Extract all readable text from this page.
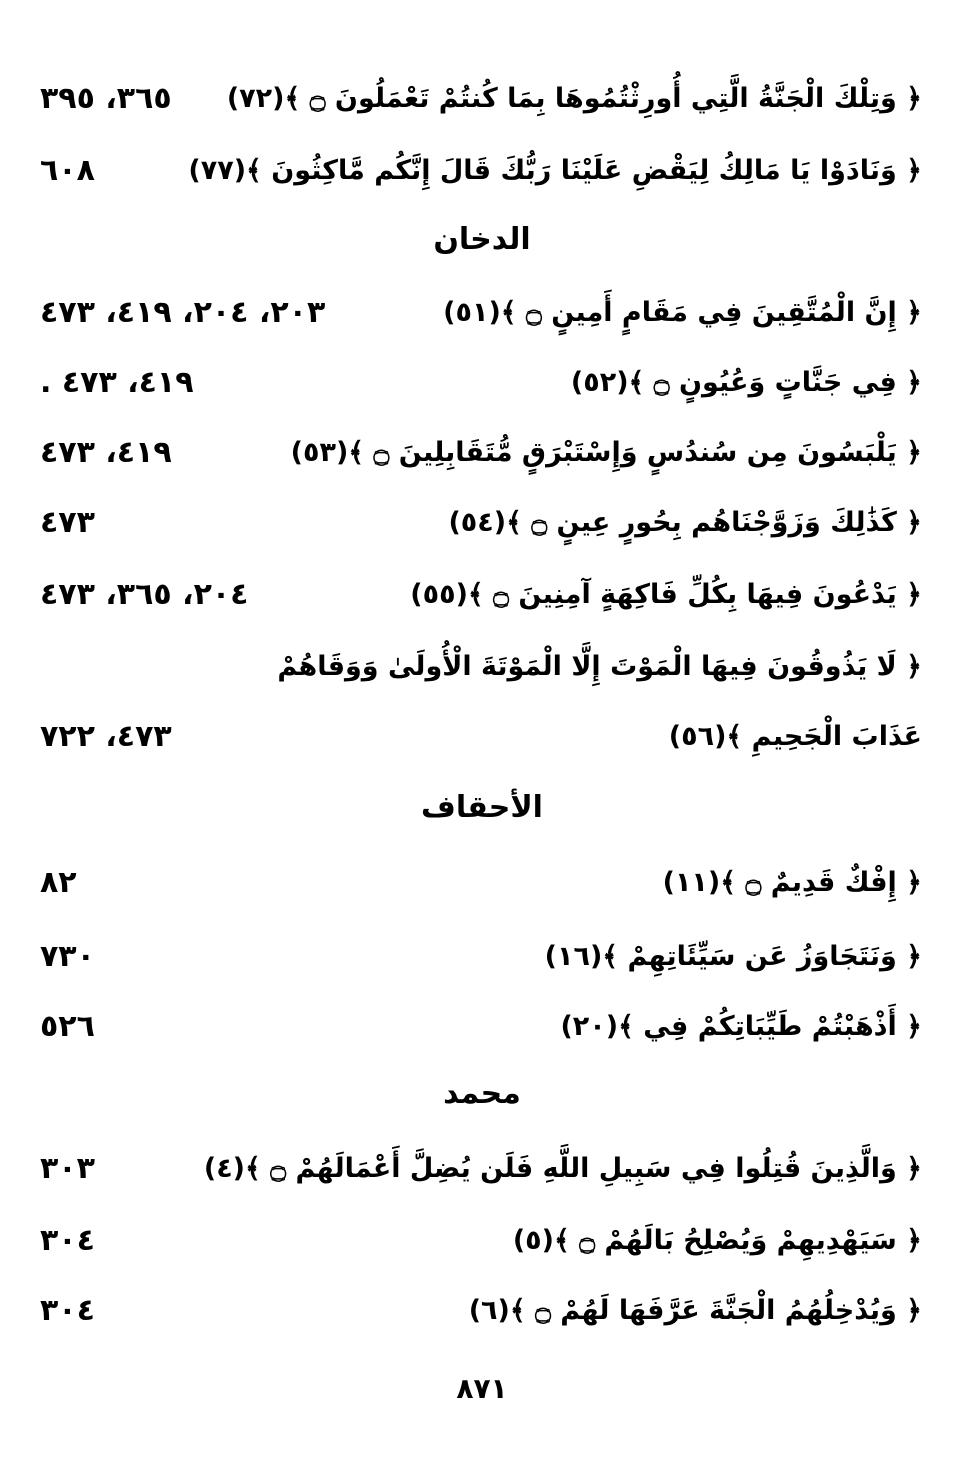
٣٦٥، ٣٩٥ ﴿ وَتِلْكَ الْجَنَّةُ الَّتِي أُورِثْتُمُوهَا بِمَا كُنتُمْ تَعْمَلُونَ ۝ ﴾(٧٢)
٦٠٨	﴿ وَنَادَوْا يَا مَالِكُ لِيَقْضِ عَلَيْنَا رَبُّكَ قَالَ إِنَّكُم مَّاكِثُونَ ﴾(٧٧)
الدخان
٢٠٣، ٢٠٤، ٤١٩، ٤٧٣	﴿ إِنَّ الْمُتَّقِينَ فِي مَقَامٍ أَمِينٍ ۝ ﴾(٥١)
٤١٩، ٤٧٣ .	﴿ فِي جَنَّاتٍ وَعُيُونٍ ۝ ﴾(٥٢)
٤١٩، ٤٧٣	﴿ يَلْبَسُونَ مِن سُندُسٍ وَإِسْتَبْرَقٍ مُّتَقَابِلِينَ ۝ ﴾(٥٣)
٤٧٣	﴿ كَذَٰلِكَ وَزَوَّجْنَاهُم بِحُورٍ عِينٍ ۝ ﴾(٥٤)
٢٠٤، ٣٦٥، ٤٧٣	﴿ يَدْعُونَ فِيهَا بِكُلِّ فَاكِهَةٍ آمِنِينَ ۝ ﴾(٥٥)
﴿ لَا يَذُوقُونَ فِيهَا الْمَوْتَ إِلَّا الْمَوْتَةَ الْأُولَىٰ وَوَقَاهُمْ
٤٧٣، ٧٢٢	عَذَابَ الْجَحِيمِ ﴾(٥٦)
الأحقاف
٨٢	﴿ إِفْكٌ قَدِيمٌ ۝ ﴾(١١)
٧٣٠	﴿ وَنَتَجَاوَزُ عَن سَيِّئَاتِهِمْ ﴾(١٦)
٥٢٦	﴿ أَذْهَبْتُمْ طَيِّبَاتِكُمْ فِي ﴾(٢٠)
محمد
٣٠٣	﴿ وَالَّذِينَ قُتِلُوا فِي سَبِيلِ اللَّهِ فَلَن يُضِلَّ أَعْمَالَهُمْ ۝ ﴾(٤)
٣٠٤	﴿ سَيَهْدِيهِمْ وَيُصْلِحُ بَالَهُمْ ۝ ﴾(٥)
٣٠٤	﴿ وَيُدْخِلُهُمُ الْجَنَّةَ عَرَّفَهَا لَهُمْ ۝ ﴾(٦)
٨٧١
